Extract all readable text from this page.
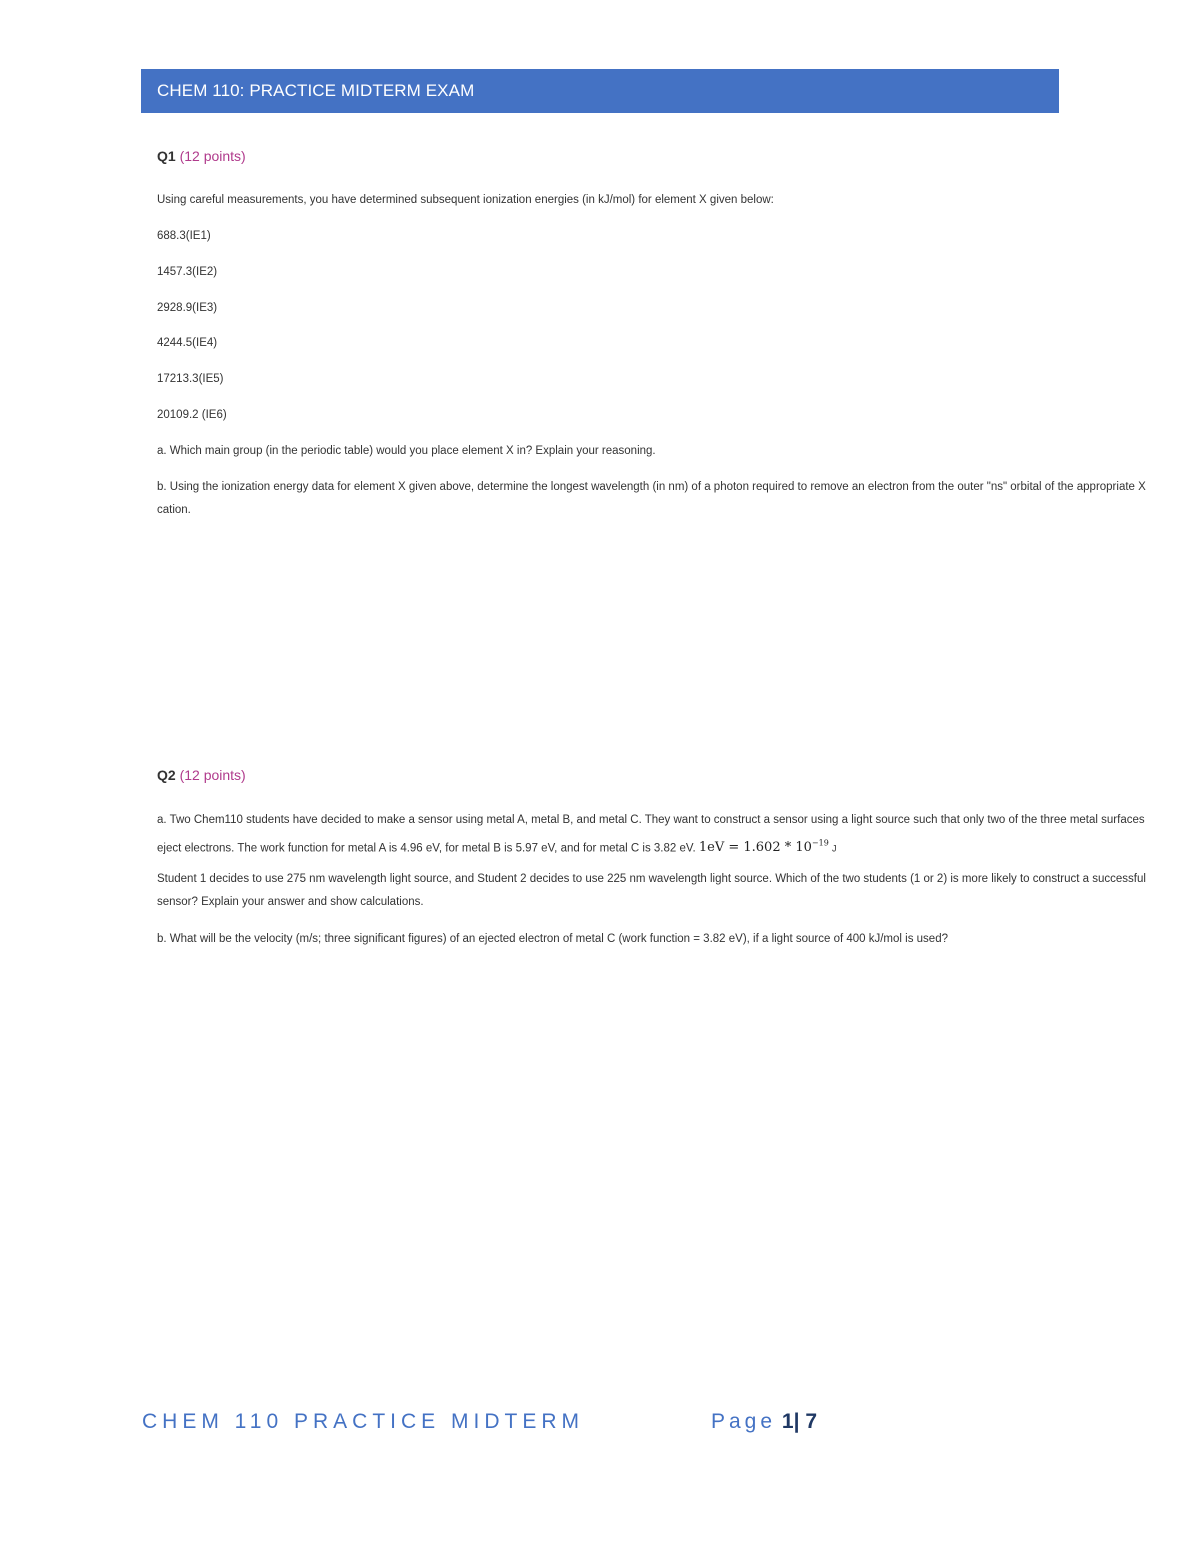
CHEM 110: PRACTICE MIDTERM EXAM
Q1 (12 points)
Using careful measurements, you have determined subsequent ionization energies (in kJ/mol) for element X given below:
688.3(IE1)
1457.3(IE2)
2928.9(IE3)
4244.5(IE4)
17213.3(IE5)
20109.2 (IE6)
a. Which main group (in the periodic table) would you place element X in? Explain your reasoning.
b. Using the ionization energy data for element X given above, determine the longest wavelength (in nm) of a photon required to remove an electron from the outer "ns" orbital of the appropriate X cation.
Q2 (12 points)
a. Two Chem110 students have decided to make a sensor using metal A, metal B, and metal C. They want to construct a sensor using a light source such that only two of the three metal surfaces eject electrons. The work function for metal A is 4.96 eV, for metal B is 5.97 eV, and for metal C is 3.82 eV. $1eV = 1.602 * 10^{-19}$ J
Student 1 decides to use 275 nm wavelength light source, and Student 2 decides to use 225 nm wavelength light source. Which of the two students (1 or 2) is more likely to construct a successful sensor? Explain your answer and show calculations.
b. What will be the velocity (m/s; three significant figures) of an ejected electron of metal C (work function = 3.82 eV), if a light source of 400 kJ/mol is used?
CHEM 110 PRACTICE MIDTERM	Page 1| 7
